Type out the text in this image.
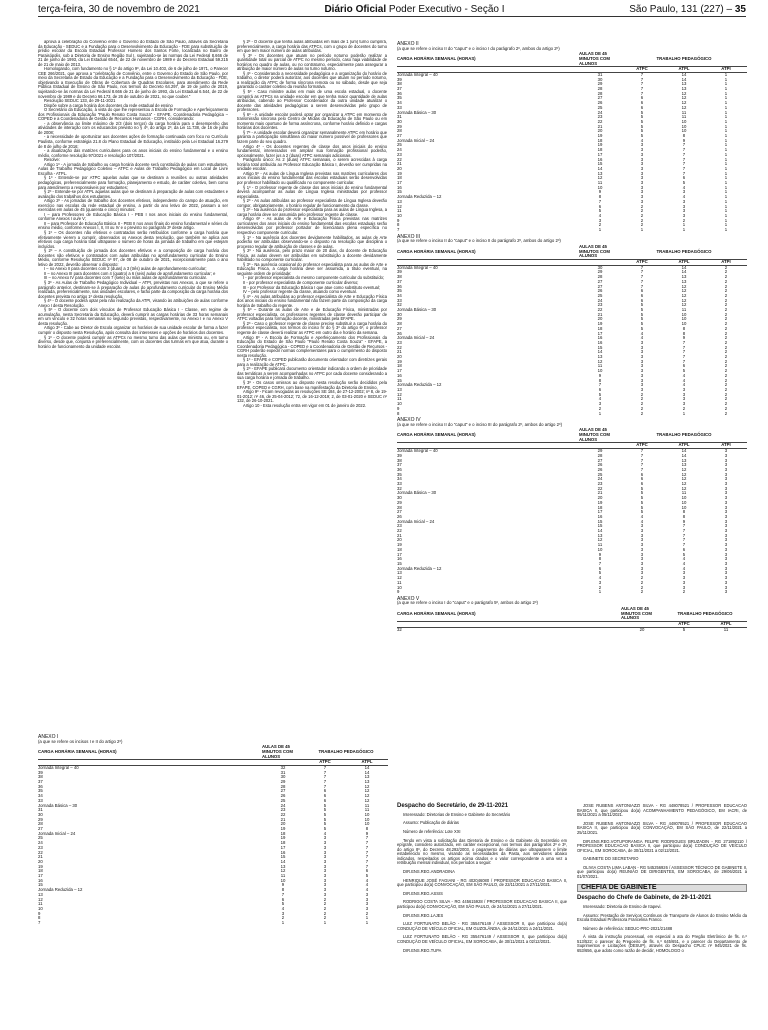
terça-feira, 30 de novembro de 2021	Diário Oficial Poder Executivo - Seção I	São Paulo, 131 (227) – 35

aprova a celebração do Convênio entre o Governo do Estado de São Paulo, através da Secretaria da Educação - SEDUC e a Fundação para o Desenvolvimento da Educação - FDE para substituição de prédio escolar da Escola Estadual Professor Homero dos Santos Forte, localizada no Bairro de Paraisópolis, sob a Diretoria de Ensino Região Sul I, sujeitando-se às normas da Lei Federal 8.666 de 21 de junho de 1993, da Lei Estadual 6544, de 22 de novembro de 1989 e do Decreto Estadual 59.215 de 21 de maio de 2013.

Homologando, com fundamento no § 1º do artigo 9º, da Lei 10.403, de 6 de julho de 1971, o Parecer CEE 266/2021, que aprova a "celebração de Convênio, entre o Governo do Estado de São Paulo, por meio da Secretaria de Estado da Educação e a Fundação para o Desenvolvimento da Educação - FDE, objetivando a Execução de Obras de Cobertura de Quadras Escolares, para atendimento da Rede Pública Estadual de Ensino de São Paulo, nos termos do Decreto 64.297, de 19 de junho de 2019, sujeitando-se às normas da Lei Federal 8.666 de 21 de junho de 1993, da Lei Estadual 6.544, de 22 de novembro de 1989 e do Decreto 66.173, de 26 de outubro de 2021, no que couber."

Resolução SEDUC 133, de 29-11-2021

Dispõe sobre a carga horária dos docentes da rede estadual de ensino

O Secretário da Educação, à vista do que lhe representou a Escola de Formação e Aperfeiçoamento dos Profissionais da Educação "Paulo Renato Costa Souza" - EFAPE, Coordenadoria Pedagógica – COPED e a Coordenadoria de Gestão de Recursos Humanos - CGRH, considerando:

- a observância ao limite máximo de 2/3 (dois terços) da carga horária para o desempenho das atividades de interação com os educandos previsto no § 4º, do artigo 2º, da Lei 11.738, de 16 de julho de 2008;

- a necessidade de oportunizar aos docentes ações de formação continuada com foco no Currículo Paulista, conforme estratégia 21.8 do Plano Estadual de Educação, instituído pela Lei Estadual 16.279 de 8 de julho de 2016;

- a atualização das matrizes curriculares para os anos iniciais do ensino fundamental e o ensino médio, conforme resolução 97/2021 e resolução 107/2021.

Resolve:

Artigo 1º - A jornada de trabalho ou carga horária docente será constituída de aulas com estudantes, Aulas de Trabalho Pedagógico Coletivo – ATPC e Aulas de Trabalho Pedagógico em Local de Livre Escolha - ATPL.

§ 1º - Entende-se por ATPC aquelas aulas que se destinam a reuniões ou outras atividades pedagógicas, preferencialmente para formação, planejamento e estudo, de caráter coletivo, bem como para atendimento a responsáveis por estudantes;

§ 2º - Entende-se por ATPL aquelas aulas que se destinam à preparação de aulas com estudantes e avaliação dos trabalhos dos estudantes.

Artigo 2º - As jornadas de trabalho dos docentes efetivos, independente do campo de atuação, em exercício nas escolas da rede estadual de ensino, a partir do ano letivo de 2022, passam a ser exercidas em aulas de 45 (quarenta e cinco) minutos:

I – para Professores de Educação Básica I - PEB I nos anos iniciais do ensino fundamental, conforme Anexos I ou/e V;

II – para Professor de Educação Básica II - PEB II nos anos finais do ensino fundamental e séries do ensino médio, conforme Anexos I, II, III ou IV e o previsto no parágrafo 3º deste artigo.

§ 1º – Os docentes não efetivos e contratados serão retribuídos conforme a carga horária que efetivamente vierem a cumprir, observados os Anexos desta resolução, que também se aplica aos efetivos cuja carga horária total ultrapasse o número de horas da jornada de trabalho em que estejam incluídos.

§ 2º – A constituição de jornada dos docentes efetivos e a composição de carga horária dos docentes não efetivos e contratados com aulas atribuídas no aprofundamento curricular do Ensino Médio, conforme Resolução SEDUC nº 97, de 08 de outubro de 2021, excepcionalmente para o ano letivo de 2022, deverão observar o disposto:

I – no Anexo II para docentes com 2 (duas) a 3 (três) aulas de aprofundamento curricular;

II – no Anexo III para docentes com 4 (quatro) a 6 (seis) aulas de aprofundamento curricular; e

III – no Anexo IV para docentes com 7 (sete) ou mais aulas de aprofundamento curricular.

§ 3º - As Aulas de Trabalho Pedagógico Individual – ATPI, previstas nos Anexos, a que se refere o parágrafo anterior, destinam-se à preparação de aulas do aprofundamento curricular do Ensino Médio realizada, preferencialmente, nas unidades escolares, e farão parte da composição da carga horária dos docentes prevista no artigo 1º desta resolução.

§ 4º - O docente poderá optar pela não realização da ATPI, visando às atribuições de aulas conforme Anexo I desta Resolução.

§ 5º - O docente com dois vínculos de Professor Educação Básica I - Classe, em regime de acumulação, nesta Secretaria da Educação, deverá cumprir as cargas horárias de 33 horas semanais em um vínculo e 32 horas semanais no segundo previstas, respectivamente, no Anexo I e no Anexo V desta resolução.

Artigo 3º - Cabe ao Diretor de Escola organizar os horários de sua unidade escolar de forma a fazer cumprir o disposto nesta Resolução, após consulta dos interesses e opções de horários dos docentes.

§ 1º - O docente poderá cumprir as ATPCs no mesmo turno das aulas que ministra ou, em turno diverso, desde que, conjunta e preferencialmente, com os docentes das turmas em que atua, durante o horário de funcionamento da unidade escolar.

§ 2º - O docente que tenha aulas atribuídas em mais de 1 (um) turno cumprirá, preferencialmente, a carga horária das ATPCs, com o grupo de docentes do turno em que tem maior número de aulas atribuídas.

§ 3º - Os docentes que atuam no período noturno poderão realizar a quantidade total ou parcial de ATPC no mesmo período, caso haja viabilidade de horários no quadro de aulas, ou no contraturno, especialmente para assegurar a atribuição de maior número de aulas no turno noturno.

§ 4º - Considerando a necessidade pedagógica e a organização do horário de trabalho, o diretor poderá autorizar, aos docentes que atuam no período noturno, a realização da ATPC de forma síncrona remota ou no sábado, desde que seja garantido o caráter coletivo da reunião formativa.

§ 5º - Caso ministre aulas em mais de uma escola estadual, o docente cumprirá as ATPCs na unidade escolar em que tenha maior quantidade de aulas atribuídas, cabendo ao Professor Coordenador da outra unidade atualizar o docente das atividades pedagógicas a serem desenvolvidas pelo grupo de professores.

§ 6º - A unidade escolar poderá optar por organizar a ATPC em momento de transmissão síncrona pelo Centro de Mídias da Educação de São Paulo ou em momento mais oportuno de forma assíncrona, conforme horário definido e cargas horárias dos docentes.

§ 7º - A unidade escolar deverá organizar semanalmente ATPC em horário que garanta a participação simultânea do maior número possível de professores que fazem parte do seu quadro.

Artigo 4º - Os docentes regentes de classe dos anos iniciais do ensino fundamental, interessados em ampliar sua formação profissional poderão, opcionalmente, fazer jus a 2 (duas) ATPC semanais adicionais.

Parágrafo único: As 2 (duas) ATPC semanais, o serem acrescidas à carga horária total atribuída ao Professor Educação Básica I, deverão ser cumpridas na unidade escolar.

Artigo 5º - As aulas de Língua Inglesa previstas nas matrizes curriculares dos anos iniciais do ensino fundamental das escolas estaduais serão desenvolvidas por professor habilitado ou qualificado no componente curricular.

§ 1º - O professor regente de classe dos anos iniciais do ensino fundamental deverá acompanhar as aulas de Língua Inglesa ministradas por professor especialista.

§ 2º - As aulas atribuídas ao professor especialista de Língua Inglesa deverão compor, obrigatoriamente, o horário regular de funcionamento da classe.

§ 3º - Na ausência do professor especialista para as aulas de Língua Inglesa, a carga horária deve ser assumida pelo professor regente de classe.

Artigo 6º - As aulas de Arte e Educação Física previstas nas matrizes curriculares dos anos iniciais do ensino fundamental das escolas estaduais serão desenvolvidas por professor portador de licenciatura plena específica no respectivo componente curricular.

§ 1º - Na ausência dos docentes devidamente habilitados, as aulas de Arte poderão ser atribuídas observando-se o disposto na resolução que disciplina o processo regular de atribuição de classes e de aulas.

§ 2º - Na ausência, pelo prazo maior de 20 dias, do docente de Educação Física, as aulas devem ser atribuídas em substituição a docente devidamente habilitado no componente curricular.

§ 3º - Na ausência ocasional do professor especialista para as aulas de Arte e Educação Física, a carga horária deve ser assumida, a título eventual, na seguinte ordem de prioridade:

I - por professor especialista do mesmo componente curricular do substituído;

II - por professor especialista de componente curricular diverso;

III - por Professor da Educação Básica I que atue como substituto eventual;

IV – pelo professor regente da classe, atuando como eventual.

§ 4º - As aulas atribuídas ao professor especialista de Arte e Educação Física dos anos iniciais do ensino fundamental não fazem parte da composição da carga horária de trabalho do regente.

§ 5º – Durante as aulas de Arte e de Educação Física, ministradas por professor especialista, os professores regentes de classe deverão participar de ATPC voltadas para formação docente, ministradas pela EFAPE.

§ 2º - Caso o professor regente de classe precise substituir a carga horária do professor especialista, nos termos do inciso IV do § 3º do artigo 6º, o professor regente de classe deverá realizar as ATPC em outro dia e horário da semana.

Artigo 8º - A Escola de Formação e Aperfeiçoamento dos Profissionais da Educação do Estado de São Paulo "Paulo Renato Costa Souza" - EFAPE, a Coordenadoria Pedagógica - COPED e a Coordenadoria de Gestão de Recursos - CGRH poderão expedir normas complementares para o cumprimento do disposto nesta resolução.

§ 1º - EFAPE e COPED publicarão documento orientador com diretrizes gerais para a realização de ATPC.

§ 2º - EFAPE publicará documento orientador indicando a ordem de prioridade das temáticas a serem acompanhadas no ATPC por cada docente considerando a sua carga horária e jornada de trabalho.

§ 3º - Os casos omissos ao disposto nesta resolução serão decididos pela EFAPE, COPED e CGRH, com base na manifestação da Diretoria de Ensino.

Artigo 9º - Ficam revogadas as resoluções SE 184, de 27-12-2002; nº 8, de 19-01-2012; nº 46, de 25-04-2012; 72, de 16-12-2019; 2, de 03-01-2020 e SEDUC nº 132, de 26-10-2021.

Artigo 10 - Esta resolução entra em vigor em 01 de janeiro de 2022.

ANEXO II
(a que se refere o inciso II do "caput" e o inciso I do parágrafo 2º, ambos do artigo 2º)
CARGA HORÁRIA SEMANAL (HORAS)	AULAS DE 45 MINUTOS COM ALUNOS	TRABALHO PEDAGÓGICO		
		ATPC	ATPL	ATPI
Jornada Integral – 40	31	7	14	1
39	30	7	14	1
38	29	7	13	1
37	28	7	13	1
36	28	7	12	1
35	27	6	12	1
34	26	6	12	1
33	25	6	12	1
Jornada Básica – 30	24	5	11	1
31	23	5	11	1
30	22	5	10	1
29	21	5	10	1
28	20	5	10	1
27	19	5	8	1
Jornada Inicial – 24	18	4	9	1
25	19	3	7	1
24	18	3	7	1
23	17	3	7	1
22	16	3	7	1
21	15	3	7	1
20	14	3	7	1
19	13	3	7	1
18	12	3	6	1
17	11	3	5	1
16	10	3	4	1
15	9	3	3	1
Jornada Reduzida – 12	8	3	4	1
13	7	3	3	1
12	6	2	3	1
11	5	2	3	1
10	4	2	3	1
9	3	2	2	1
8	2	2	1	1
7	1	1	1	1
ANEXO III
(a que se refere o inciso II do "caput" e o inciso II do parágrafo 2º, ambos do artigo 2º)
CARGA HORÁRIA SEMANAL (HORAS)	AULAS DE 45 MINUTOS COM ALUNOS	TRABALHO PEDAGÓGICO		
		ATPC	ATPL	ATPI
Jornada Integral – 40	30	7	14	2
39	29	7	14	2
38	28	7	13	2
37	27	7	13	2
36	27	7	12	2
35	26	6	12	2
34	25	6	12	2
33	24	6	12	2
32	23	5	12	2
Jornada Básica – 30	22	5	11	2
30	21	5	10	2
29	20	5	10	2
28	19	5	10	2
27	18	5	8	2
26	17	4	8	2
Jornada Inicial – 24	16	4	9	2
23	16	3	7	2
22	15	3	7	2
21	14	3	7	2
20	13	3	7	2
19	12	3	7	2
18	11	3	6	2
17	10	3	5	2
16	9	3	4	2
15	8	3	4	2
Jornada Reduzida – 12	7	3	4	2
13	6	3	3	2
12	5	2	3	2
11	4	2	3	2
10	3	2	3	2
9	2	2	2	2
8	1	2	1	2
ANEXO IV
(a que se refere o inciso II do "caput" e o inciso III do parágrafo 2º, ambos do artigo 2º)
CARGA HORÁRIA SEMANAL (HORAS)	AULAS DE 45 MINUTOS COM ALUNOS	TRABALHO PEDAGÓGICO		
		ATPC	ATPL	ATPI
Jornada Integral – 40	29	7	14	3
39	28	7	14	3
38	27	7	13	3
37	26	7	13	3
36	26	7	12	3
35	25	6	12	3
34	24	6	12	3
33	23	6	12	3
32	22	5	12	3
Jornada Básica – 30	21	5	11	3
30	20	5	10	3
29	19	5	10	3
28	18	5	10	3
27	17	5	8	3
26	16	4	8	3
Jornada Inicial – 24	15	4	9	3
23	15	3	7	3
22	14	3	7	3
21	13	3	7	3
20	12	3	7	3
19	11	3	7	3
18	10	3	6	3
17	9	3	5	3
16	8	3	4	3
15	7	3	4	3
Jornada Reduzida – 12	6	3	4	3
13	5	3	3	3
12	4	2	3	3
11	3	2	3	3
10	2	2	3	3
9	1	2	2	3
ANEXO V
(a que se refere o inciso I do "caput" e o parágrafo 5º, ambos do artigo 2º)
CARGA HORÁRIA SEMANAL (HORAS)	AULAS DE 45 MINUTOS COM ALUNOS	TRABALHO PEDAGÓGICO	
		ATPC	ATPL
32	20	5	11
ANEXO I
(a que se refere os incisos I e II do artigo 2º)
CARGA HORÁRIA SEMANAL (HORAS)	AULAS DE 45 MINUTOS COM ALUNOS	TRABALHO PEDAGÓGICO	
		ATPC	ATPL
Jornada Integral – 40	32	7	14
39	31	7	14
38	30	7	13
37	29	7	13
36	28	7	12
35	27	6	12
34	26	6	12
33	25	6	12
Jornada Básica – 30	24	5	11
31	23	5	11
30	22	5	10
29	21	5	10
28	20	5	10
27	19	5	8
Jornada Inicial – 24	18	4	9
25	19	3	7
24	18	3	7
23	17	3	7
22	16	3	7
21	15	3	7
20	14	3	7
19	13	3	7
18	12	3	6
17	11	3	5
16	10	3	4
15	9	3	4
Jornada Reduzida – 12	8	3	4
13	7	3	3
12	6	2	3
11	5	2	3
10	4	2	3
9	3	2	2
8	2	2	1
7	1	1	1
Despacho do Secretário, de 29-11-2021

Interessado: Diretorias de Ensino e Gabinete do Secretário

Assunto: Publicação de diárias

Número de referência: Lote XXI

Tendo em vista a solicitação das Diretoria de Ensino e do Gabinete do Secretário em epígrafe, considero autorizado, em caráter excepcional, nos termos dos parágrafos 2º e 3º, do artigo 8º, do Decreto 48.292/2003, o pagamento de diárias que ultrapassem o limite estabelecido no mesmo, visando as necessidades da Pasta, aos servidores abaixo indicados, respeitados os artigos acima citados e o valor correspondente a uma vez a retribuição mensal individual, nos períodos a seguir:

DIR.ENS.REG.ANDRADINA

HENRIQUE JOSÉ FAGIANI - RG 402046080 / PROFESSOR EDUCACAO BASICA II, que participou do(a) CONVOCAÇÃO, EM SÃO PAULO, de 22/11/2021 a 27/11/2021.

DIR.ENS.REG.ASSIS

RODRIGO COSTA SILVA - RG 445615928 / PROFESSOR EDUCACAO BASICA II, que participou do(a) CONVOCAÇÃO, EM SÃO PAULO, de 24/11/2021 a 27/11/2021.

DIR.ENS.REG.LAJES

LUIZ FORTUNATO BELÃO - RG 355476149 / ASSESSOR II, que participou do(a) CONDUÇÃO DE VEÍCULO OFICIAL, EM GUZOLÂNDIA, de 24/11/2021 a 24/11/2021.

LUIZ FORTUNATO BELÃO - RG 355476149 / ASSESSOR II, que participou do(a) CONDUÇÃO DE VEÍCULO OFICIAL, EM SOROCABA, de 30/11/2021 a 02/12/2021.

DIR.ENS.REG.TUPA

JOSE RUBENS ANTONIAZZI SILVA - RG 448078521 / PROFESSOR EDUCACAO BASICA II, que participou do(a) ACOMPANHAMENTO PEDAGÓGICO, EM IACRI, de 05/11/2021 a 05/11/2021.

JOSE RUBENS ANTONIAZZI SILVA - RG 448078521 / PROFESSOR EDUCACAO BASICA II, que participou do(a) CONVOCAÇÃO, EM SÃO PAULO, de 22/11/2021 a 25/11/2021.

DIR.ENS.REG.VOTUPORANGA FELIPE RODRIGUES BRUZADIN - RG 271892110 / PROFESSOR EDUCACAO BASICA II, que participou do(a) CONDUÇÃO DE VEÍCULO OFICIAL, EM SOROCABA, de 30/11/2021 a 02/12/2021.

GABINETE DO SECRETARIO

OLIVIA COSTA LIMA LABAN - RG 545256926 / ASSESSOR TÉCNICO DE GABINETE II, que participou do(a) REUNIÃO DE DIRIGENTES, EM SOROCABA, de 29/06/2021 a 01/07/2021.

CHEFIA DE GABINETE
Despacho do Chefe de Gabinete, de 29-11-2021

Interessado: Diretoria de Ensino de Itapevi.

Assunto: Prestação de Serviços Contínuos de Transporte de Alunos do Ensino Médio da Escola Estadual Professora Francelina Franco.

Número de referência: SEDUC-PRC-2021/21488

À vista da instrução processual, em especial a ata do Pregão Eletrônico de fls. n.º 513/522; o parecer do Pregoeiro de fls. n.º 645/651, e o parecer do Departamento de Suprimentos e Licitações (DESUP), através do Despacho CPLIC nº 945/2021 de fls. 653/656, que adoto como razão de decidir, HOMOLOGO o
